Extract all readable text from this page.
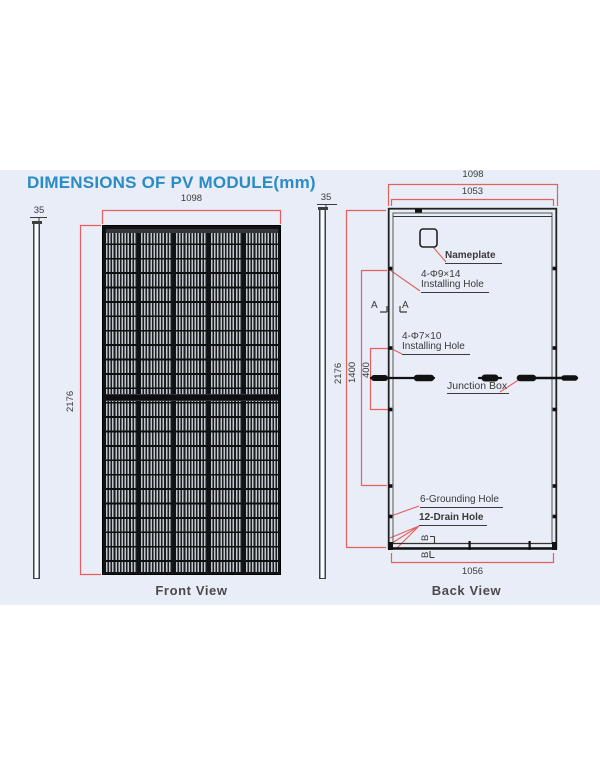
DIMENSIONS OF PV MODULE(mm)
1098
35
2176
Front View
35
1098
1053
2176 1400 400
Nameplate
4-Φ9×14
Installing Hole
A A
4-Φ7×10
Installing Hole
Junction Box
6-Grounding Hole
12-Drain Hole
B
B
1056
Back View
